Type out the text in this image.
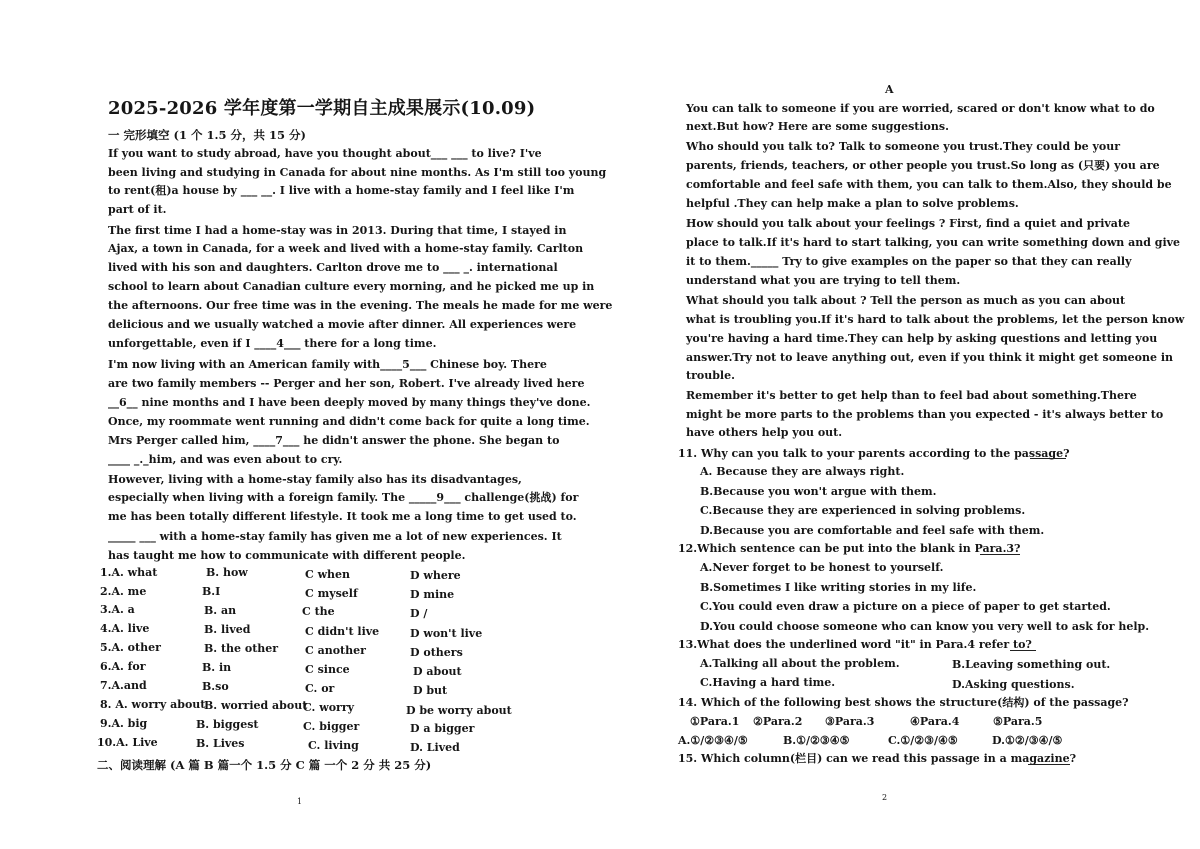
2025-2026 学年度第一学期自主成果展示(10.09)
一 完形填空 (1 个 1.5 分，共 15 分)
If you want to study abroad, have you thought about___ ___ to live? I've
been living and studying in Canada for about nine months. As I'm still too young
to rent(租)a house by ___ __. I live with a home-stay family and I feel like I'm
part of it.
The first time I had a home-stay was in 2013. During that time, I stayed in
Ajax, a town in Canada, for a week and lived with a home-stay family. Carlton
lived with his son and daughters. Carlton drove me to ___ _. international
school to learn about Canadian culture every morning, and he picked me up in
the afternoons. Our free time was in the evening. The meals he made for me were
delicious and we usually watched a movie after dinner. All experiences were
unforgettable, even if I ____4___ there for a long time.
I'm now living with an American family with____5___ Chinese boy. There
are two family members -- Perger and her son, Robert. I've already lived here
__6__ nine months and I have been deeply moved by many things they've done.
Once, my roommate went running and didn't come back for quite a long time.
Mrs Perger called him, ____7___ he didn't answer the phone. She began to
____ _._him, and was even about to cry.
However, living with a home-stay family also has its disadvantages,
especially when living with a foreign family. The _____9___ challenge(挑战) for
me has been totally different lifestyle. It took me a long time to get used to.
_____ ___ with a home-stay family has given me a lot of new experiences. It
has taught me how to communicate with different people.
1.A. what	B. how	C when	D where
2.A. me	B.I	C myself	D mine
3.A. a	B. an	C the	D /
4.A. live	B. lived	C didn't live	D won't live
5.A. other	B. the other C another	D others
6.A. for	B. in	C since	D about
7.A.and	B.so	C. or	D but
8. A. worry about
B. worried about
C. worry	D be worry about
9.A. big	B. biggest	C. bigger	D a bigger
10.A. Live	B. Lives	C. living	D. Lived
二、阅读理解 (A 篇 B 篇一个 1.5 分 C 篇 一个 2 分 共 25 分)
1
A
You can talk to someone if you are worried, scared or don't know what to do
next.But how? Here are some suggestions.
Who should you talk to? Talk to someone you trust.They could be your
parents, friends, teachers, or other people you trust.So long as (只要) you are
comfortable and feel safe with them, you can talk to them.Also, they should be
helpful .They can help make a plan to solve problems.
How should you talk about your feelings ? First, find a quiet and private
place to talk.If it's hard to start talking, you can write something down and give
it to them._____ Try to give examples on the paper so that they can really
understand what you are trying to tell them.
What should you talk about ? Tell the person as much as you can about
what is troubling you.If it's hard to talk about the problems, let the person know
you're having a hard time.They can help by asking questions and letting you
answer.Try not to leave anything out, even if you think it might get someone in
trouble.
Remember it's better to get help than to feel bad about something.There
might be more parts to the problems than you expected - it's always better to
have others help you out.
11. Why can you talk to your parents according to the passage?
A. Because they are always right.
B.Because you won't argue with them.
C.Because they are experienced in solving problems.
D.Because you are comfortable and feel safe with them.
12.Which sentence can be put into the blank in Para.3?
A.Never forget to be honest to yourself.
B.Sometimes I like writing stories in my life.
C.You could even draw a picture on a piece of paper to get started.
D.You could choose someone who can know you very well to ask for help.
13.What does the underlined word "it" in Para.4 refer to?
A.Talking all about the problem.	B.Leaving something out.
C.Having a hard time.	D.Asking questions.
14. Which of the following best shows the structure(结构) of the passage?
①Para.1 ②Para.2 ③Para.3	④Para.4	⑤Para.5
A.①/②③④/⑤	B.①/②③④⑤	C.①/②③/④⑤	D.①②/③④/⑤
15. Which column(栏目) can we read this passage in a magazine?
2
